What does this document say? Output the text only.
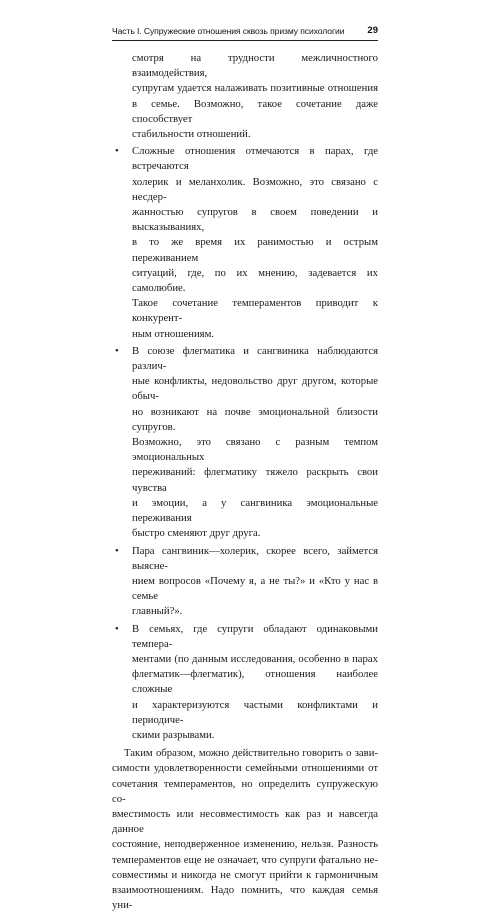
Часть I. Супружеские отношения сквозь призму психологии 29
смотря на трудности межличностного взаимодействия,
супругам удается налаживать позитивные отношения
в семье. Возможно, такое сочетание даже способствует
стабильности отношений.
• Сложные отношения отмечаются в парах, где встречаются
холерик и меланхолик. Возможно, это связано с несдер-
жанностью супругов в своем поведении и высказываниях,
в то же время их ранимостью и острым переживанием
ситуаций, где, по их мнению, задевается их самолюбие.
Такое сочетание темпераментов приводит к конкурент-
ным отношениям.
• В союзе флегматика и сангвиника наблюдаются различ-
ные конфликты, недовольство друг другом, которые обыч-
но возникают на почве эмоциональной близости супругов.
Возможно, это связано с разным темпом эмоциональных
переживаний: флегматику тяжело раскрыть свои чувства
и эмоции, а у сангвиника эмоциональные переживания
быстро сменяют друг друга.
• Пара сангвиник—холерик, скорее всего, займется выясне-
нием вопросов «Почему я, а не ты?» и «Кто у нас в семье
главный?».
• В семьях, где супруги обладают одинаковыми темпера-
ментами (по данным исследования, особенно в парах
флегматик—флегматик), отношения наиболее сложные
и характеризуются частыми конфликтами и периодиче-
скими разрывами.
Таким образом, можно действительно говорить о зави-
симости удовлетворенности семейными отношениями от
сочетания темпераментов, но определить супружескую со-
вместимость или несовместимость как раз и навсегда данное
состояние, неподверженное изменению, нельзя. Разность
темпераментов еще не означает, что супруги фатально не-
совместимы и никогда не смогут прийти к гармоничным
взаимоотношениям. Надо помнить, что каждая семья уни-
